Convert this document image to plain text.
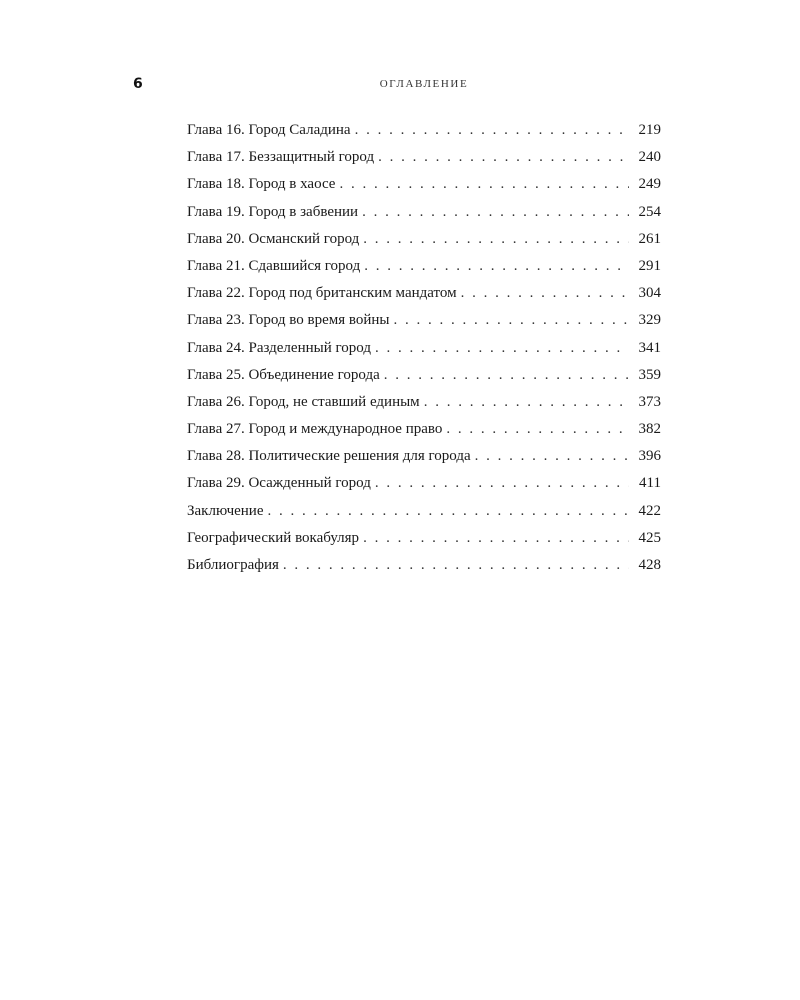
6	ОГЛАВЛЕНИЕ
Глава 16. Город Саладина . . .	219
Глава 17. Беззащитный город . . .	240
Глава 18. Город в хаосе . . .	249
Глава 19. Город в забвении . . .	254
Глава 20. Османский город . . .	261
Глава 21. Сдавшийся город . . .	291
Глава 22. Город под британским мандатом . . .	304
Глава 23. Город во время войны . . .	329
Глава 24. Разделенный город . . .	341
Глава 25. Объединение города . . .	359
Глава 26. Город, не ставший единым . . .	373
Глава 27. Город и международное право . . .	382
Глава 28. Политические решения для города . . .	396
Глава 29. Осажденный город . . .	411
Заключение . . .	422
Географический вокабуляр . . .	425
Библиография . . .	428
